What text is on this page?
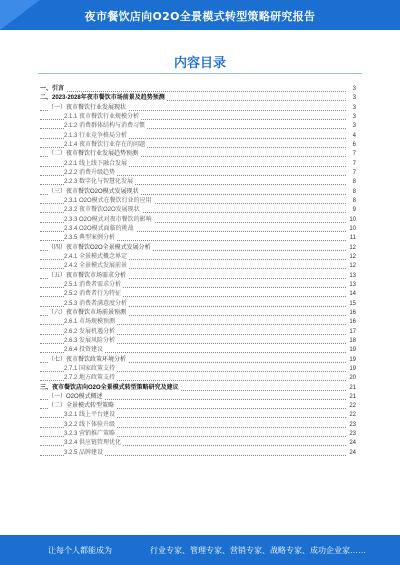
夜市餐饮店向O2O全景模式转型策略研究报告
内容目录
一、引言	3
二、2023-2028年夜市餐饮市场前景及趋势预测	3
（一）夜市餐饮行业发展现状	3
2.1.1 夜市餐饮行业规模分析	3
2.1.2 消费群体结构与消费习惯	3
2.1.3 行业竞争格局分析	4
2.1.4 夜市餐饮行业存在的问题	6
（二）夜市餐饮行业发展趋势预测	7
2.2.1 线上线下融合发展	7
2.2.2 消费升级趋势	7
2.2.3 数字化与智慧化发展	8
（三）夜市餐饮O2O模式发展现状	8
2.3.1 O2O模式在餐饮行业的应用	8
2.3.2 夜市餐饮O2O发展现状	9
2.3.3 O2O模式对夜市餐饮的影响	10
2.3.4 O2O模式面临的挑战	10
2.3.5 典型案例分析	11
（四）夜市餐饮O2O全景模式发展分析	12
2.4.1 全景模式概念界定	12
2.4.2 全景模式发展前景	12
（五）夜市餐饮市场需求分析	13
2.5.1 消费者需求分析	13
2.5.2 消费者行为特征	14
2.5.3 消费者满意度分析	15
（六）夜市餐饮市场前景预测	16
2.6.1 市场规模预测	16
2.6.2 发展机遇分析	17
2.6.3 发展风险分析	18
2.6.4 投资建议	19
（七）夜市餐饮政策环境分析	19
2.7.1 国家政策支持	19
2.7.2 地方政策支持	20
三、夜市餐饮店向O2O全景模式转型策略研究及建议	21
（一）O2O模式概述	21
（二）全景模式转型策略	22
3.2.1 线上平台建设	22
3.2.2 线下体验升级	23
3.2.3 营销推广策略	23
3.2.4 供应链管理优化	24
3.2.5 品牌建设	24
让每个人都能成为	行业专家、管理专家、营销专家、战略专家、成功企业家……
